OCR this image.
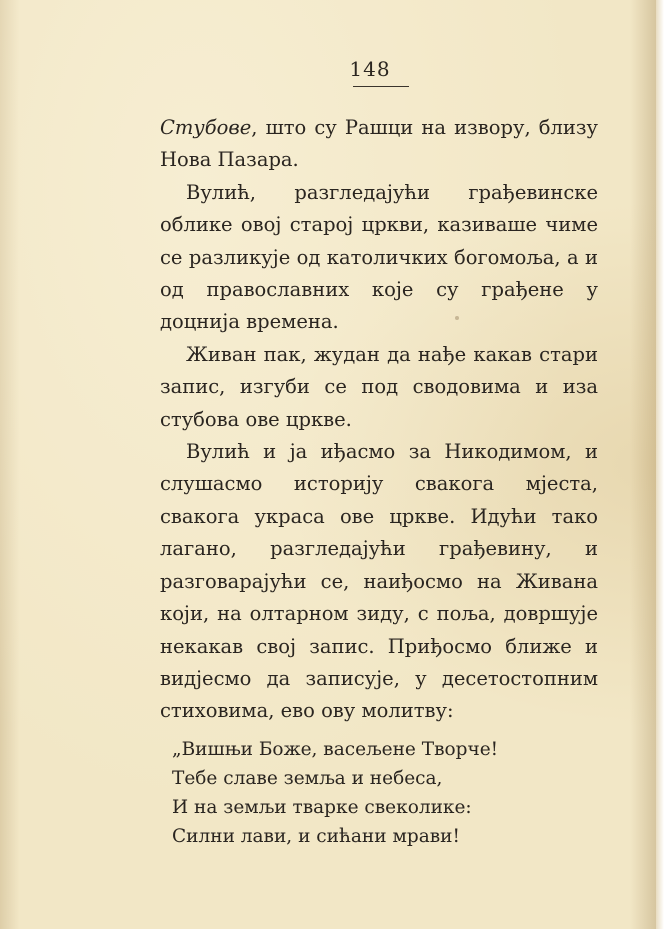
148

Стубове, што су Рашци на извору, близу Нова Пазара.

Вулић, разгледајући грађевинске облике овој старој цркви, казиваше чиме се разликује од католичких богомоља, а и од православних које су грађене у доцнија времена.

Живан пак, жудан да нађе какав стари запис, изгуби се под сводовима и иза стубова ове цркве.

Вулић и ја иђасмо за Никодимом, и слушасмо историју свакога мјеста, свакога украса ове цркве. Идући тако лагано, разгледајући грађевину, и разговарајући се, наиђосмо на Живана који, на олтарном зиду, с поља, довршује некакав свој запис. Приђосмо ближе и видјесмо да записује, у десетостопним стиховима, ево ову молитву:

„Вишњи Боже, васељене Творче!
Тебе славе земља и небеса,
И на земљи тварке свеколике:
Силни лави, и сићани мрави!
